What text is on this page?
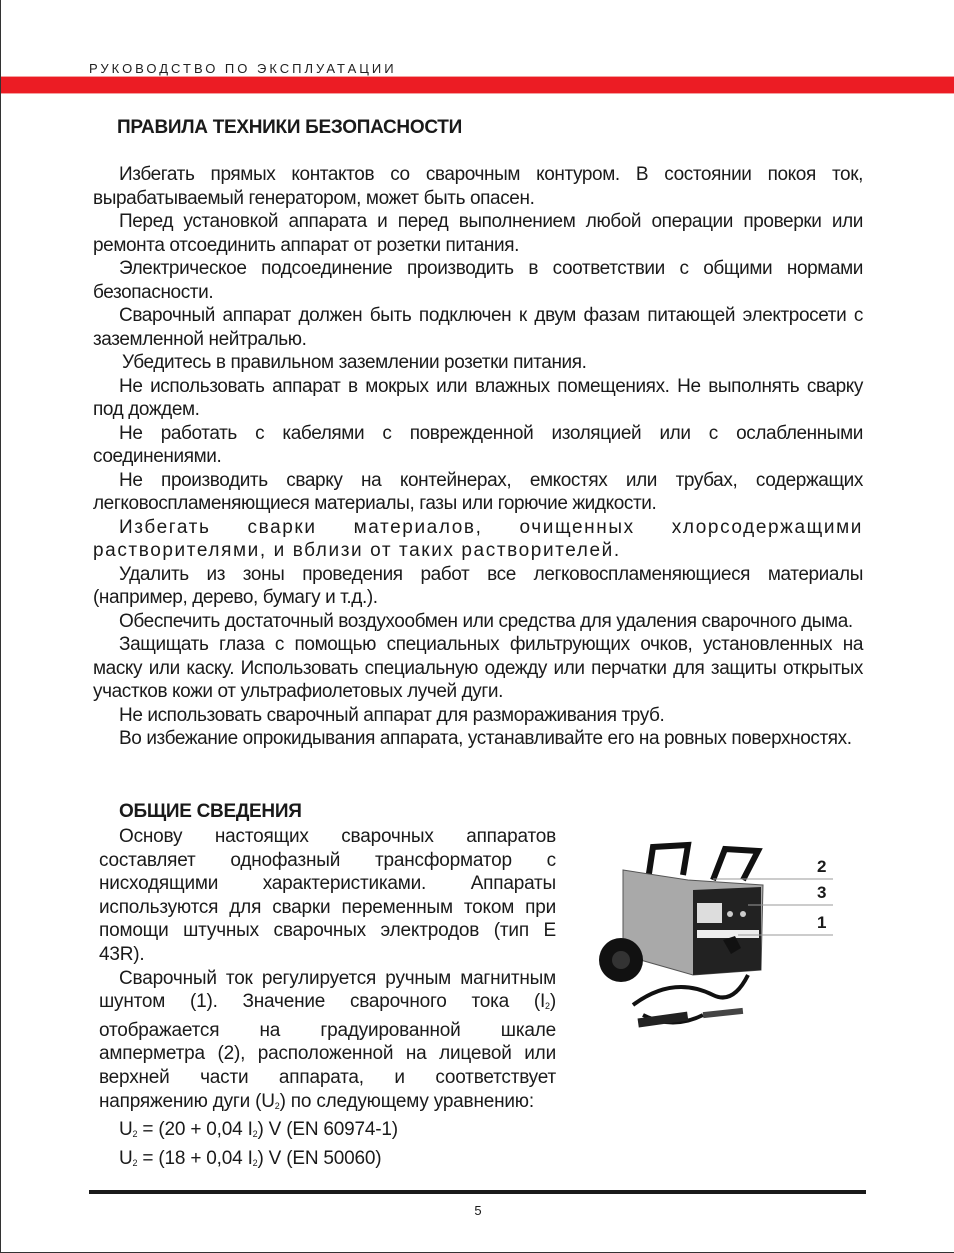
РУКОВОДСТВО ПО ЭКСПЛУАТАЦИИ
ПРАВИЛА ТЕХНИКИ БЕЗОПАСНОСТИ

Избегать прямых контактов со сварочным контуром. В состоянии покоя ток, вырабатываемый генератором, может быть опасен.

Перед установкой аппарата и перед выполнением любой операции проверки или ремонта отсоединить аппарат от розетки питания.

Электрическое подсоединение производить в соответствии с общими нормами безопасности.

Сварочный аппарат должен быть подключен к двум фазам питающей электросети с заземленной нейтралью.

Убедитесь в правильном заземлении розетки питания.

Не использовать аппарат в мокрых или влажных помещениях. Не выполнять сварку под дождем.

Не работать с кабелями с поврежденной изоляцией или с ослабленными соединениями.

Не производить сварку на контейнерах, емкостях или трубах, содержащих легковоспламеняющиеся материалы, газы или горючие жидкости.

Избегать сварки материалов, очищенных хлорсодержащими растворителями, и вблизи от таких растворителей.

Удалить из зоны проведения работ все легковоспламеняющиеся материалы (например, дерево, бумагу и т.д.).

Обеспечить достаточный воздухообмен или средства для удаления сварочного дыма.

Защищать глаза с помощью специальных фильтрующих очков, установленных на маску или каску. Использовать специальную одежду или перчатки для защиты открытых участков кожи от ультрафиолетовых лучей дуги.

Не использовать сварочный аппарат для размораживания труб.

Во избежание опрокидывания аппарата, устанавливайте его на ровных поверхностях.

ОБЩИЕ СВЕДЕНИЯ

Основу настоящих сварочных аппаратов составляет однофазный трансформатор с нисходящими характеристиками. Аппараты используются для сварки переменным током при помощи штучных сварочных электродов (тип E 43R).

Сварочный ток регулируется ручным магнитным шунтом (1). Значение сварочного тока $(I_2)$ отображается на градуированной шкале амперметра (2), расположенной на лицевой или верхней части аппарата, и соответствует напряжению дуги $(U_2)$ по следующему уравнению:

$U_2 = (20 + 0,04$ $I_2$) V (EN 60974-1)
$U_2 = (18 + 0,04$ $I_2$) V (EN 50060)
2
3
1
5
